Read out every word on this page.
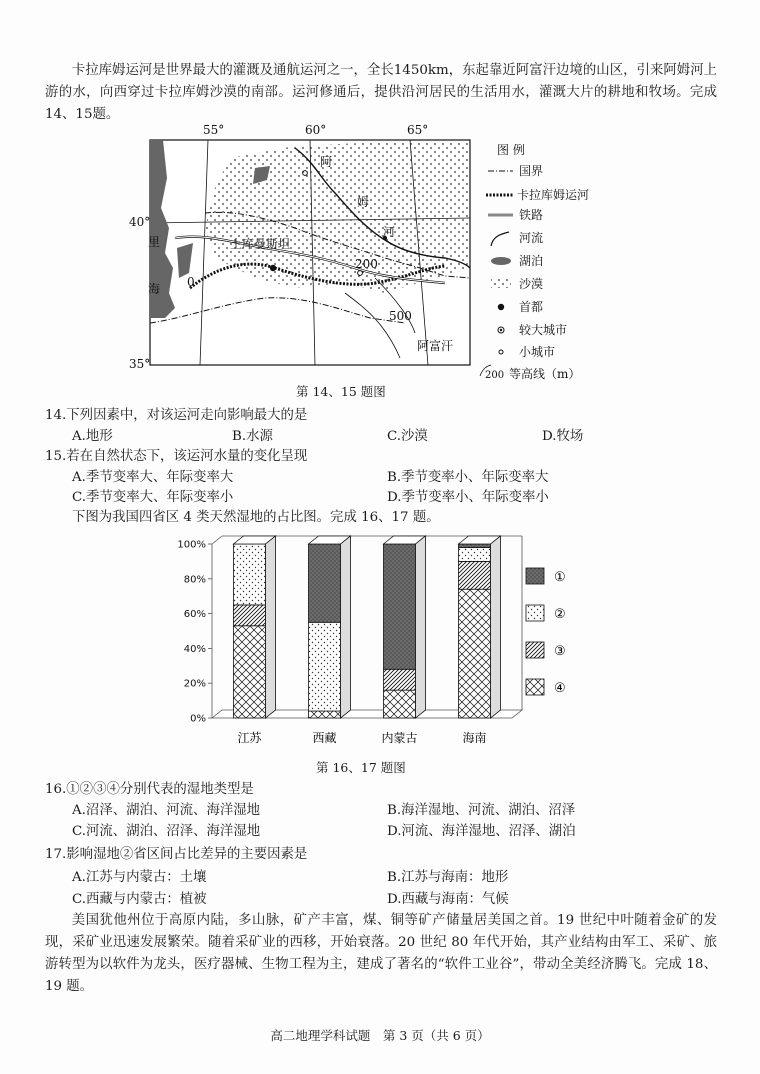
卡拉库姆运河是世界最大的灌溉及通航运河之一，全长1450km，东起靠近阿富汗边境的山区，引来阿姆河上游的水，向西穿过卡拉库姆沙漠的南部。运河修通后，提供沿河居民的生活用水，灌溉大片的耕地和牧场。完成14、15题。
55°	60°	65°
40°
35°
里
海
土库曼斯坦
阿
姆
河
阿富汗
200
500
0
图 例
国界
卡拉库姆运河
铁路
河流
湖泊
沙漠
首都
较大城市
小城市
200 等高线（m）
第 14、15 题图
14.下列因素中，对该运河走向影响最大的是
A.地形	B.水源	C.沙漠	D.牧场
15.若在自然状态下，该运河水量的变化呈现
A.季节变率大、年际变率大	B.季节变率小、年际变率大
C.季节变率大、年际变率小	D.季节变率小、年际变率小
下图为我国四省区 4 类天然湿地的占比图。完成 16、17 题。
0%
20%
40%
60%
80%
100%
江苏	西藏	内蒙古	海南
①
②
③
④
第 16、17 题图
16.①②③④分别代表的湿地类型是
A.沼泽、湖泊、河流、海洋湿地	B.海洋湿地、河流、湖泊、沼泽
C.河流、湖泊、沼泽、海洋湿地	D.河流、海洋湿地、沼泽、湖泊
17.影响湿地②省区间占比差异的主要因素是
A.江苏与内蒙古：土壤	B.江苏与海南：地形
C.西藏与内蒙古：植被	D.西藏与海南：气候
美国犹他州位于高原内陆，多山脉，矿产丰富，煤、铜等矿产储量居美国之首。19 世纪中叶随着金矿的发现，采矿业迅速发展繁荣。随着采矿业的西移，开始衰落。20 世纪 80 年代开始，其产业结构由军工、采矿、旅游转型为以软件为龙头，医疗器械、生物工程为主，建成了著名的“软件工业谷”，带动全美经济腾飞。完成 18、19 题。
高二地理学科试题　第 3 页（共 6 页）
